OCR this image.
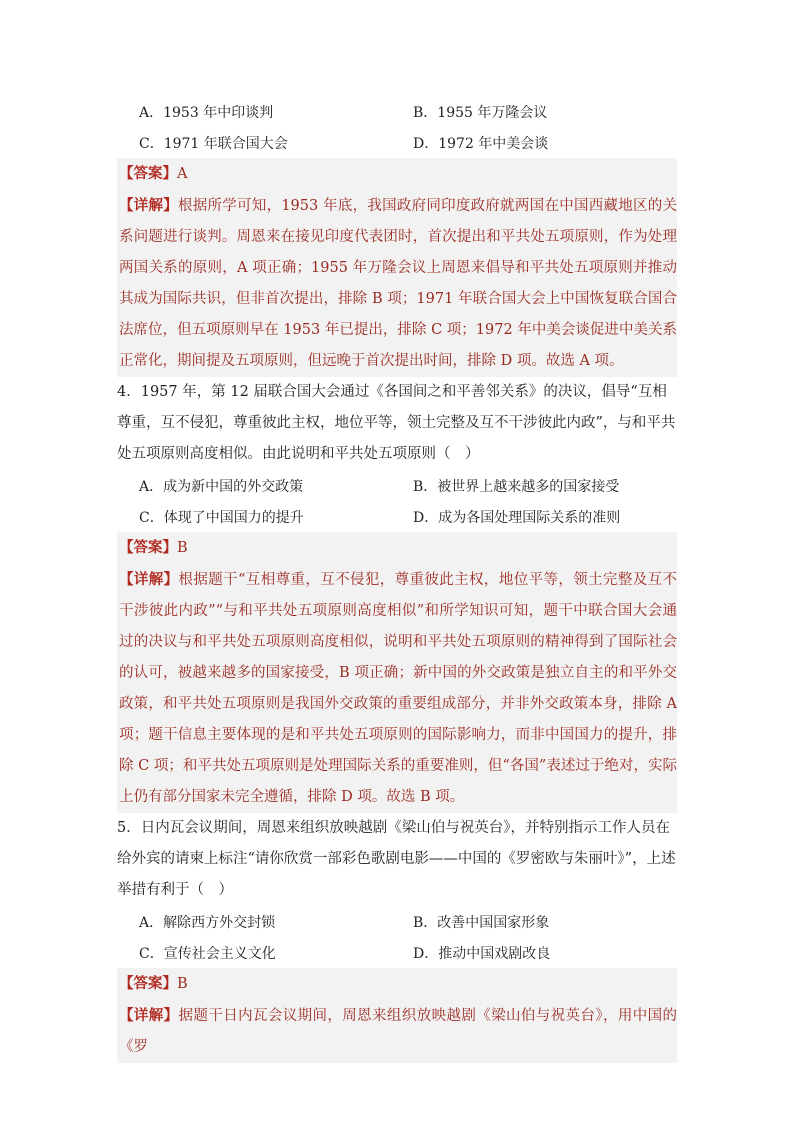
A．1953 年中印谈判	B．1955 年万隆会议
C．1971 年联合国大会	D．1972 年中美会谈
【答案】A
【详解】根据所学可知，1953 年底，我国政府同印度政府就两国在中国西藏地区的关系问题进行谈判。周恩来在接见印度代表团时，首次提出和平共处五项原则，作为处理两国关系的原则，A 项正确；1955 年万隆会议上周恩来倡导和平共处五项原则并推动其成为国际共识，但非首次提出，排除 B 项；1971 年联合国大会上中国恢复联合国合法席位，但五项原则早在 1953 年已提出，排除 C 项；1972 年中美会谈促进中美关系正常化，期间提及五项原则，但远晚于首次提出时间，排除 D 项。故选 A 项。

4．1957 年，第 12 届联合国大会通过《各国间之和平善邻关系》的决议，倡导“互相尊重，互不侵犯，尊重彼此主权，地位平等，领土完整及互不干涉彼此内政”，与和平共处五项原则高度相似。由此说明和平共处五项原则（　）

A．成为新中国的外交政策	B．被世界上越来越多的国家接受
C．体现了中国国力的提升	D．成为各国处理国际关系的准则
【答案】B
【详解】根据题干“互相尊重，互不侵犯，尊重彼此主权，地位平等，领土完整及互不干涉彼此内政”“与和平共处五项原则高度相似”和所学知识可知，题干中联合国大会通过的决议与和平共处五项原则高度相似，说明和平共处五项原则的精神得到了国际社会的认可，被越来越多的国家接受，B 项正确；新中国的外交政策是独立自主的和平外交政策，和平共处五项原则是我国外交政策的重要组成部分，并非外交政策本身，排除 A 项；题干信息主要体现的是和平共处五项原则的国际影响力，而非中国国力的提升，排除 C 项；和平共处五项原则是处理国际关系的重要准则，但“各国”表述过于绝对，实际上仍有部分国家未完全遵循，排除 D 项。故选 B 项。

5．日内瓦会议期间，周恩来组织放映越剧《梁山伯与祝英台》，并特别指示工作人员在给外宾的请柬上标注“请你欣赏一部彩色歌剧电影——中国的《罗密欧与朱丽叶》”，上述举措有利于（　）

A．解除西方外交封锁	B．改善中国国家形象
C．宣传社会主义文化	D．推动中国戏剧改良
【答案】B
【详解】据题干日内瓦会议期间，周恩来组织放映越剧《梁山伯与祝英台》，用中国的《罗
